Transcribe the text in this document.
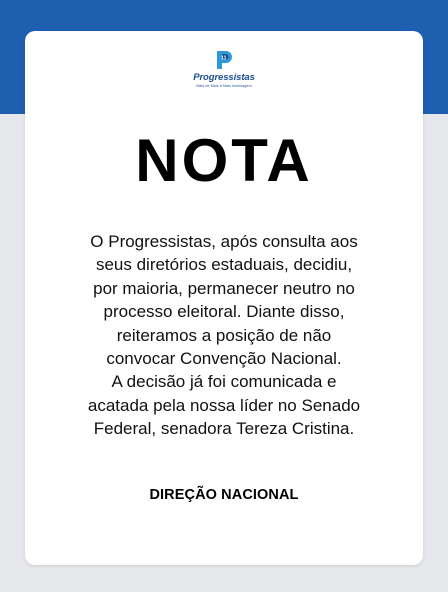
11
Progressistas
Mais de Mais à Mais Insinuagem
NOTA

O Progressistas, após consulta aos
seus diretórios estaduais, decidiu,
por maioria, permanecer neutro no
processo eleitoral. Diante disso,
reiteramos a posição de não
convocar Convenção Nacional.
A decisão já foi comunicada e
acatada pela nossa líder no Senado
Federal, senadora Tereza Cristina.

DIREÇÃO NACIONAL
